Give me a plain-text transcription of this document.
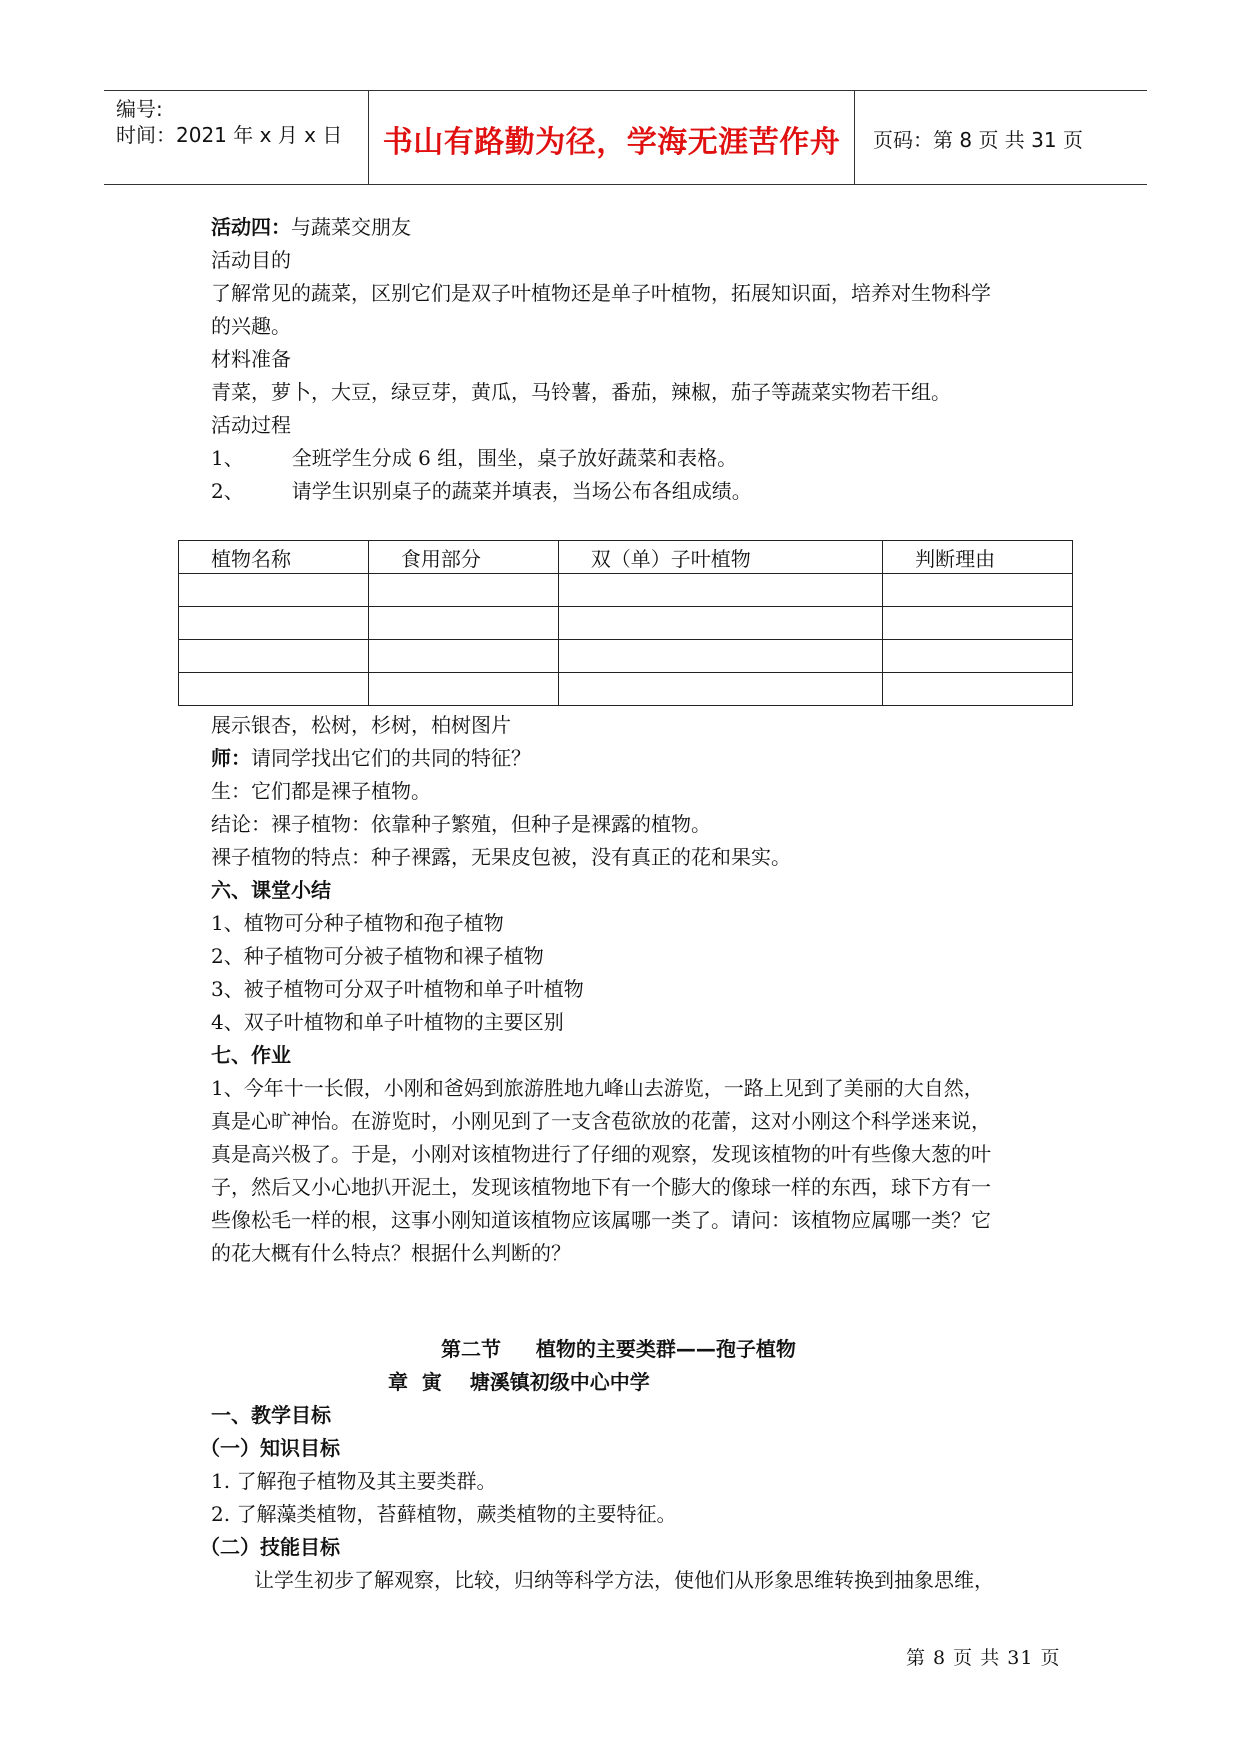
编号:
时间：2021 年 x 月 x 日	书山有路勤为径，学海无涯苦作舟	页码：第 8 页 共 31 页
活动四：与蔬菜交朋友
活动目的
了解常见的蔬菜，区别它们是双子叶植物还是单子叶植物，拓展知识面，培养对生物科学
的兴趣。
材料准备
青菜，萝卜，大豆，绿豆芽，黄瓜，马铃薯，番茄，辣椒，茄子等蔬菜实物若干组。
活动过程
1、 全班学生分成 6 组，围坐，桌子放好蔬菜和表格。
2、 请学生识别桌子的蔬菜并填表，当场公布各组成绩。
植物名称	食用部分	双（单）子叶植物	判断理由

展示银杏，松树，杉树，柏树图片
师：请同学找出它们的共同的特征？
生：它们都是裸子植物。
结论：裸子植物：依靠种子繁殖，但种子是裸露的植物。
裸子植物的特点：种子裸露，无果皮包被，没有真正的花和果实。
六、课堂小结
1、植物可分种子植物和孢子植物
2、种子植物可分被子植物和裸子植物
3、被子植物可分双子叶植物和单子叶植物
4、双子叶植物和单子叶植物的主要区别
七、作业
1、今年十一长假，小刚和爸妈到旅游胜地九峰山去游览，一路上见到了美丽的大自然，
真是心旷神怡。在游览时，小刚见到了一支含苞欲放的花蕾，这对小刚这个科学迷来说，
真是高兴极了。于是，小刚对该植物进行了仔细的观察，发现该植物的叶有些像大葱的叶
子，然后又小心地扒开泥土，发现该植物地下有一个膨大的像球一样的东西，球下方有一
些像松毛一样的根，这事小刚知道该植物应该属哪一类了。请问：该植物应属哪一类？它
的花大概有什么特点？根据什么判断的？
第二节     植物的主要类群——孢子植物
章  寅    塘溪镇初级中心中学
一、教学目标
（一）知识目标
1. 了解孢子植物及其主要类群。
2. 了解藻类植物，苔藓植物，蕨类植物的主要特征。
（二）技能目标
让学生初步了解观察，比较，归纳等科学方法，使他们从形象思维转换到抽象思维，
第 8 页 共 31 页
